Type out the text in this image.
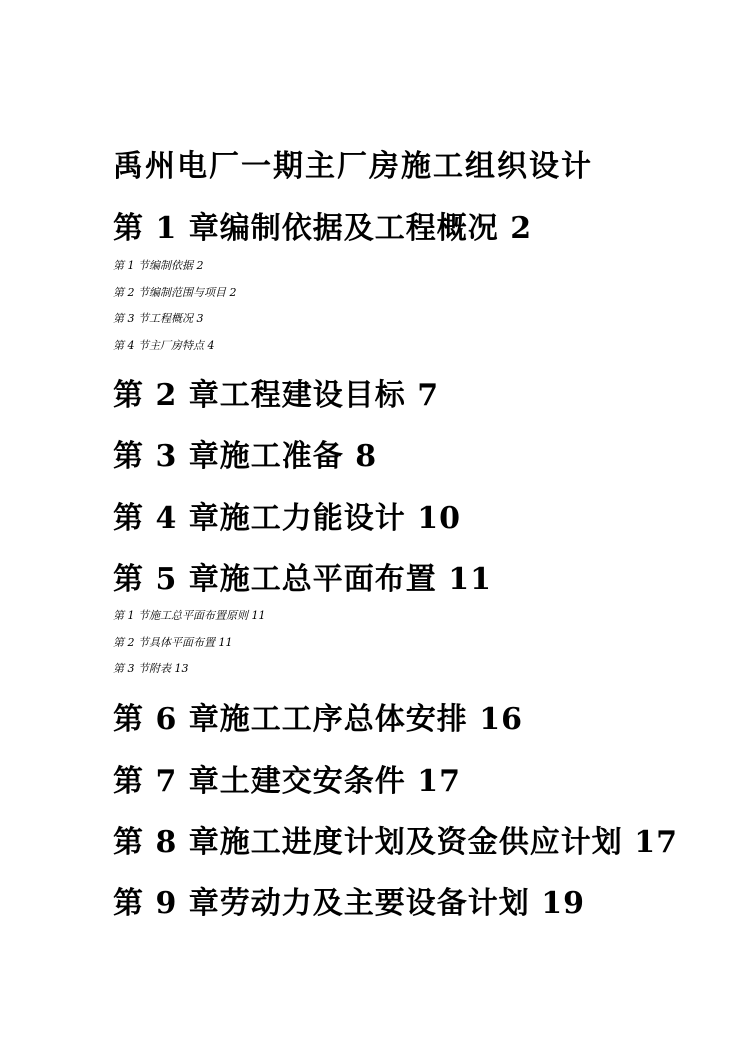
禹州电厂一期主厂房施工组织设计
第 1 章编制依据及工程概况 2
第 1 节编制依据 2
第 2 节编制范围与项目 2
第 3 节工程概况 3
第 4 节主厂房特点 4
第 2 章工程建设目标 7
第 3 章施工准备 8
第 4 章施工力能设计 10
第 5 章施工总平面布置 11
第 1 节施工总平面布置原则 11
第 2 节具体平面布置 11
第 3 节附表 13
第 6 章施工工序总体安排 16
第 7 章土建交安条件 17
第 8 章施工进度计划及资金供应计划 17
第 9 章劳动力及主要设备计划 19
